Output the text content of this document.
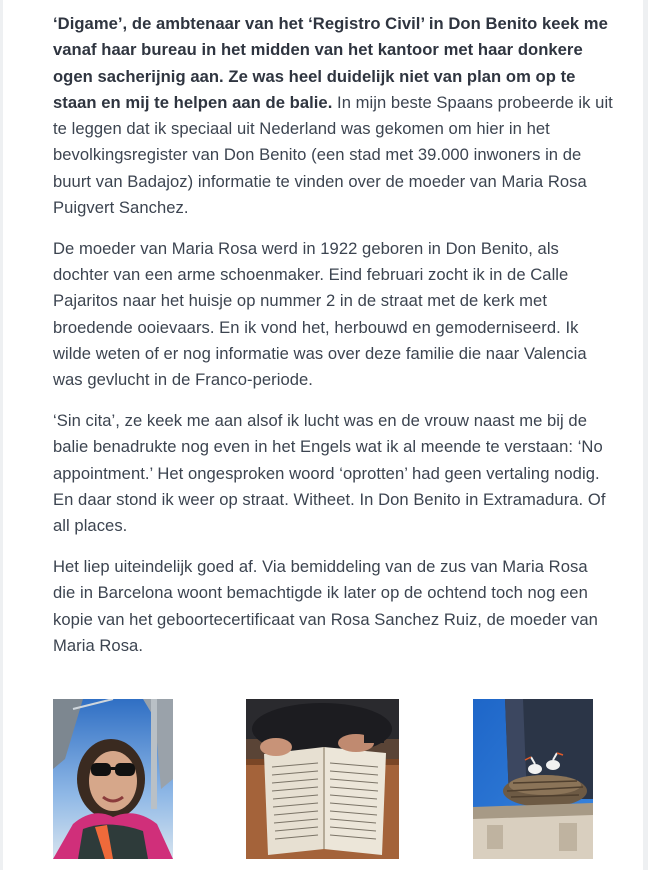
‘Digame’, de ambtenaar van het ‘Registro Civil’ in Don Benito keek me vanaf haar bureau in het midden van het kantoor met haar donkere ogen sacherijnig aan. Ze was heel duidelijk niet van plan om op te staan en mij te helpen aan de balie. In mijn beste Spaans probeerde ik uit te leggen dat ik speciaal uit Nederland was gekomen om hier in het bevolkingsregister van Don Benito (een stad met 39.000 inwoners in de buurt van Badajoz) informatie te vinden over de moeder van Maria Rosa Puigvert Sanchez.

De moeder van Maria Rosa werd in 1922 geboren in Don Benito, als dochter van een arme schoenmaker. Eind februari zocht ik in de Calle Pajaritos naar het huisje op nummer 2 in de straat met de kerk met broedende ooievaars. En ik vond het, herbouwd en gemoderniseerd. Ik wilde weten of er nog informatie was over deze familie die naar Valencia was gevlucht in de Franco-periode.

‘Sin cita’, ze keek me aan alsof ik lucht was en de vrouw naast me bij de balie benadrukte nog even in het Engels wat ik al meende te verstaan: ‘No appointment.’ Het ongesproken woord ‘oprotten’ had geen vertaling nodig. En daar stond ik weer op straat. Witheet. In Don Benito in Extramadura. Of all places.

Het liep uiteindelijk goed af. Via bemiddeling van de zus van Maria Rosa die in Barcelona woont bemachtigde ik later op de ochtend toch nog een kopie van het geboortecertificaat van Rosa Sanchez Ruiz, de moeder van Maria Rosa.
